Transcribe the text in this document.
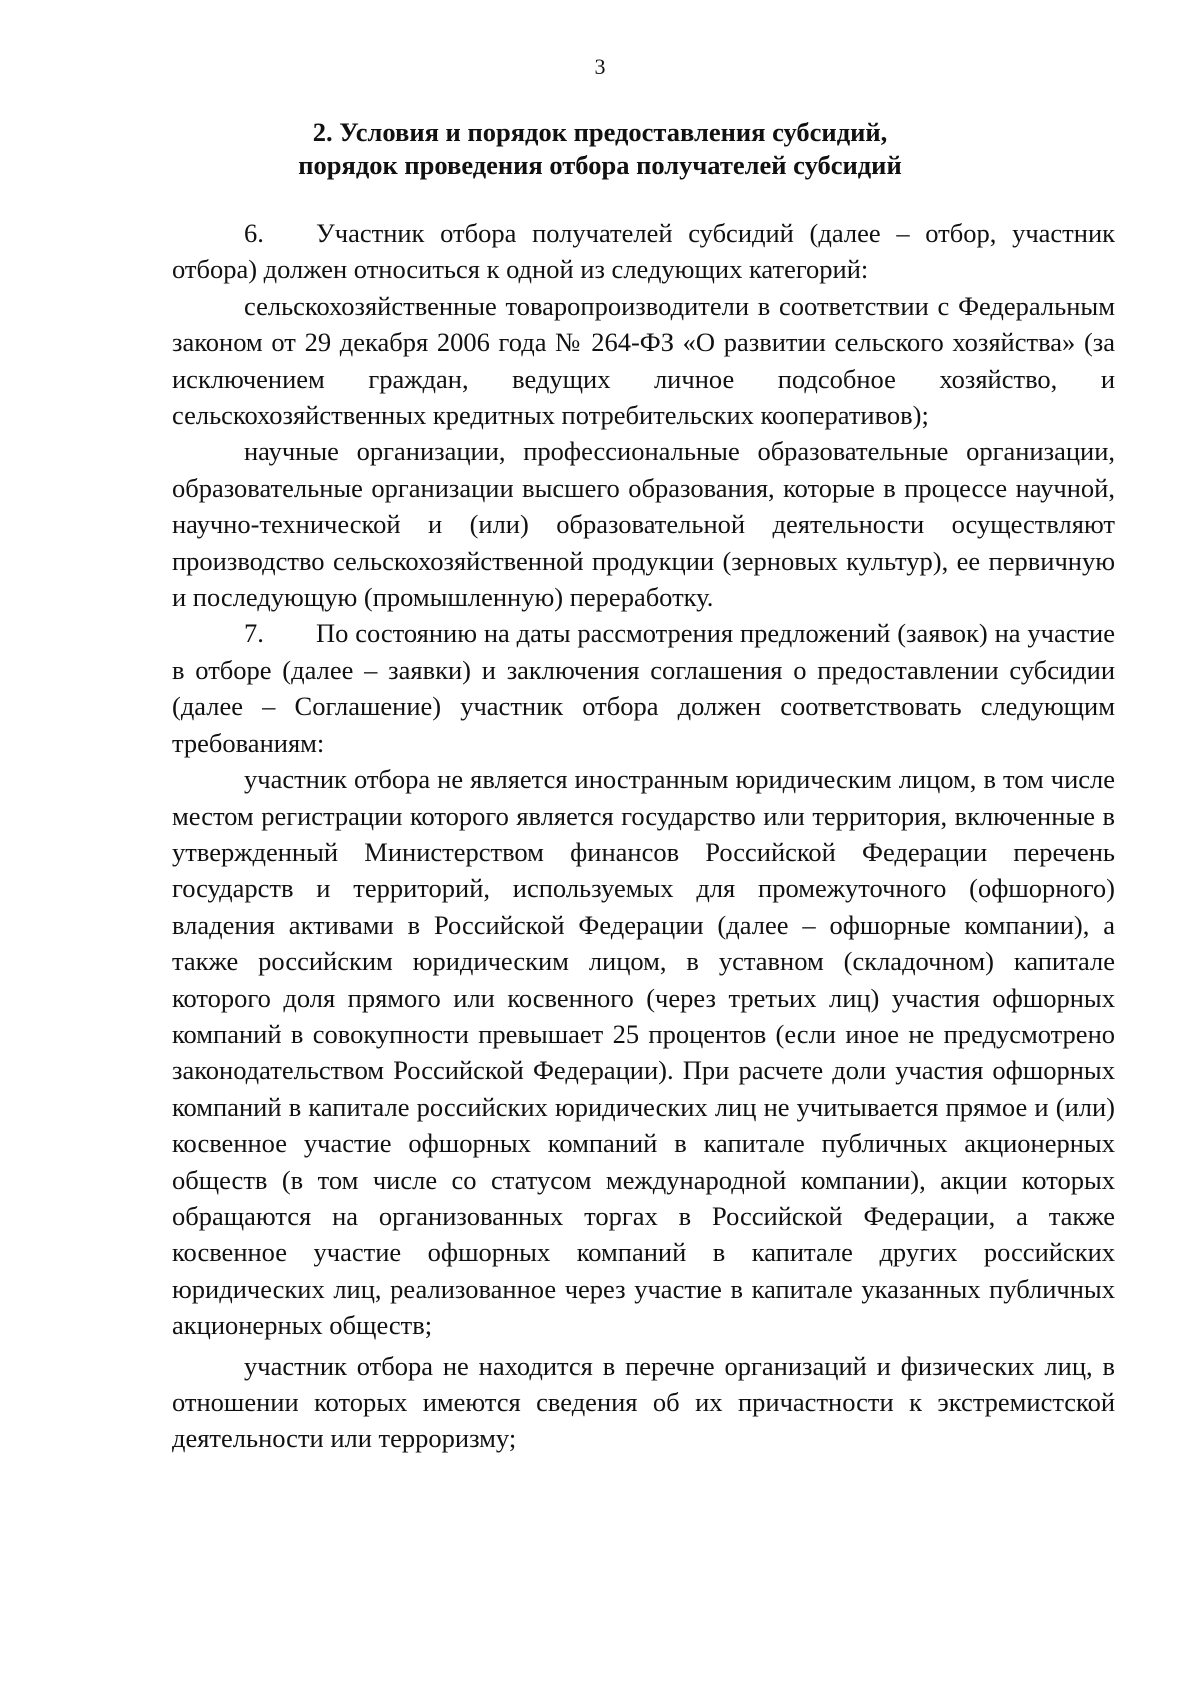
3
2. Условия и порядок предоставления субсидий,
порядок проведения отбора получателей субсидий

6. Участник отбора получателей субсидий (далее – отбор, участник отбора) должен относиться к одной из следующих категорий:

сельскохозяйственные товаропроизводители в соответствии с Федеральным законом от 29 декабря 2006 года № 264-ФЗ «О развитии сельского хозяйства» (за исключением граждан, ведущих личное подсобное хозяйство, и сельскохозяйственных кредитных потребительских кооперативов);

научные организации, профессиональные образовательные организации, образовательные организации высшего образования, которые в процессе научной, научно-технической и (или) образовательной деятельности осуществляют производство сельскохозяйственной продукции (зерновых культур), ее первичную и последующую (промышленную) переработку.

7. По состоянию на даты рассмотрения предложений (заявок) на участие в отборе (далее – заявки) и заключения соглашения о предоставлении субсидии (далее – Соглашение) участник отбора должен соответствовать следующим требованиям:

участник отбора не является иностранным юридическим лицом, в том числе местом регистрации которого является государство или территория, включенные в утвержденный Министерством финансов Российской Федерации перечень государств и территорий, используемых для промежуточного (офшорного) владения активами в Российской Федерации (далее – офшорные компании), а также российским юридическим лицом, в уставном (складочном) капитале которого доля прямого или косвенного (через третьих лиц) участия офшорных компаний в совокупности превышает 25 процентов (если иное не предусмотрено законодательством Российской Федерации). При расчете доли участия офшорных компаний в капитале российских юридических лиц не учитывается прямое и (или) косвенное участие офшорных компаний в капитале публичных акционерных обществ (в том числе со статусом международной компании), акции которых обращаются на организованных торгах в Российской Федерации, а также косвенное участие офшорных компаний в капитале других российских юридических лиц, реализованное через участие в капитале указанных публичных акционерных обществ;

участник отбора не находится в перечне организаций и физических лиц, в отношении которых имеются сведения об их причастности к экстремистской деятельности или терроризму;
